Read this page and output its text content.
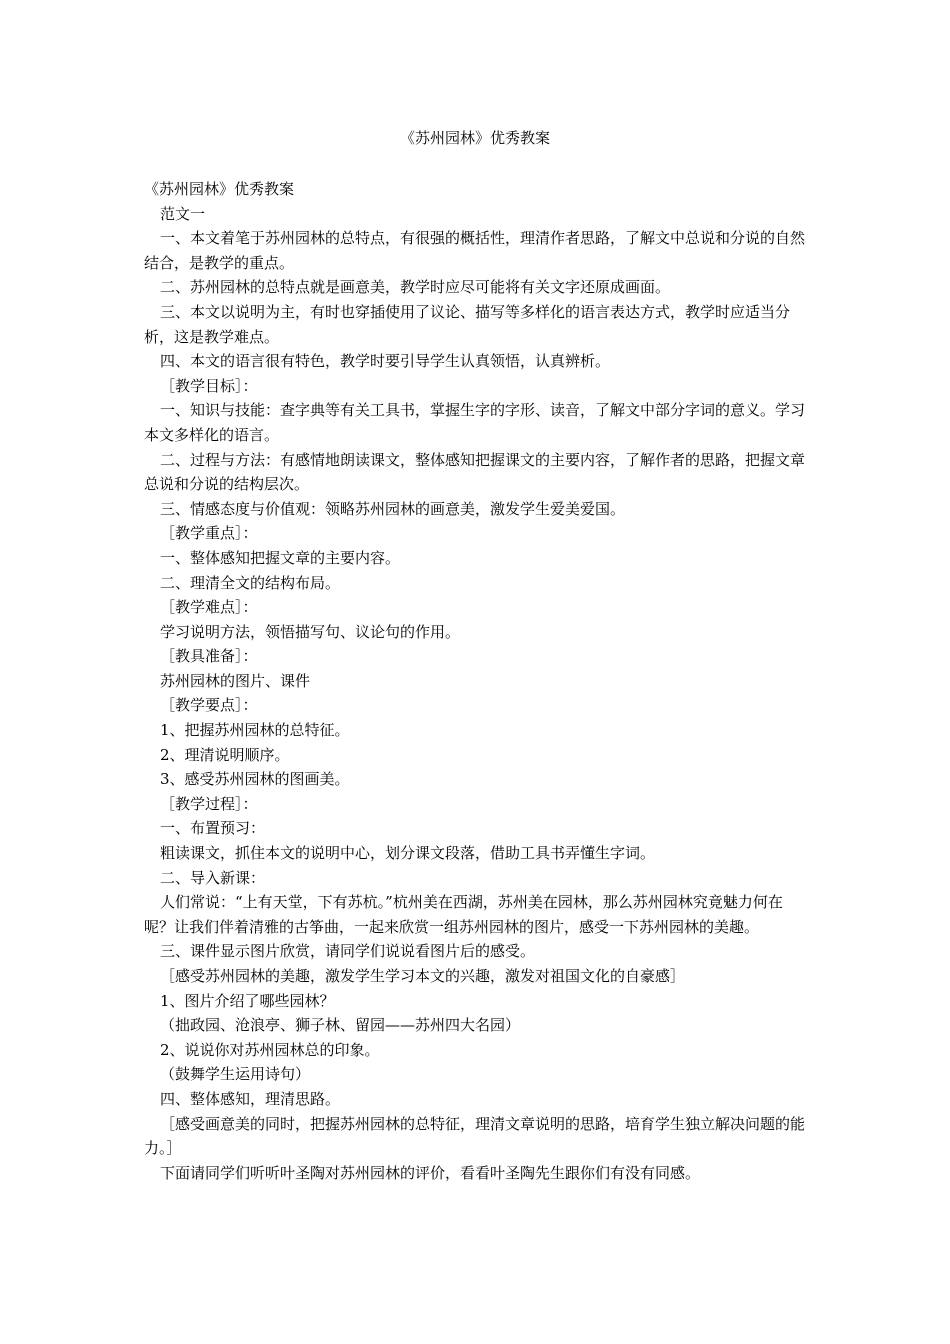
《苏州园林》优秀教案

《苏州园林》优秀教案

范文一

一、本文着笔于苏州园林的总特点，有很强的概括性，理清作者思路，了解文中总说和分说的自然结合，是教学的重点。

二、苏州园林的总特点就是画意美，教学时应尽可能将有关文字还原成画面。

三、本文以说明为主，有时也穿插使用了议论、描写等多样化的语言表达方式，教学时应适当分析，这是教学难点。

四、本文的语言很有特色，教学时要引导学生认真领悟，认真辨析。

［教学目标］：

一、知识与技能：查字典等有关工具书，掌握生字的字形、读音，了解文中部分字词的意义。学习本文多样化的语言。

二、过程与方法：有感情地朗读课文，整体感知把握课文的主要内容，了解作者的思路，把握文章总说和分说的结构层次。

三、情感态度与价值观：领略苏州园林的画意美，激发学生爱美爱国。

［教学重点］：

一、整体感知把握文章的主要内容。

二、理清全文的结构布局。

［教学难点］：

学习说明方法，领悟描写句、议论句的作用。

［教具准备］：

苏州园林的图片、课件

［教学要点］：

1、把握苏州园林的总特征。

2、理清说明顺序。

3、感受苏州园林的图画美。

［教学过程］：

一、布置预习：

粗读课文，抓住本文的说明中心，划分课文段落，借助工具书弄懂生字词。

二、导入新课：

人们常说：“上有天堂，下有苏杭。”杭州美在西湖，苏州美在园林，那么苏州园林究竟魅力何在呢？让我们伴着清雅的古筝曲，一起来欣赏一组苏州园林的图片，感受一下苏州园林的美趣。

三、课件显示图片欣赏，请同学们说说看图片后的感受。

［感受苏州园林的美趣，激发学生学习本文的兴趣，激发对祖国文化的自豪感］

1、图片介绍了哪些园林？

（拙政园、沧浪亭、狮子林、留园——苏州四大名园）

2、说说你对苏州园林总的印象。

（鼓舞学生运用诗句）

四、整体感知，理清思路。

［感受画意美的同时，把握苏州园林的总特征，理清文章说明的思路，培育学生独立解决问题的能力。］

下面请同学们听听叶圣陶对苏州园林的评价，看看叶圣陶先生跟你们有没有同感。
